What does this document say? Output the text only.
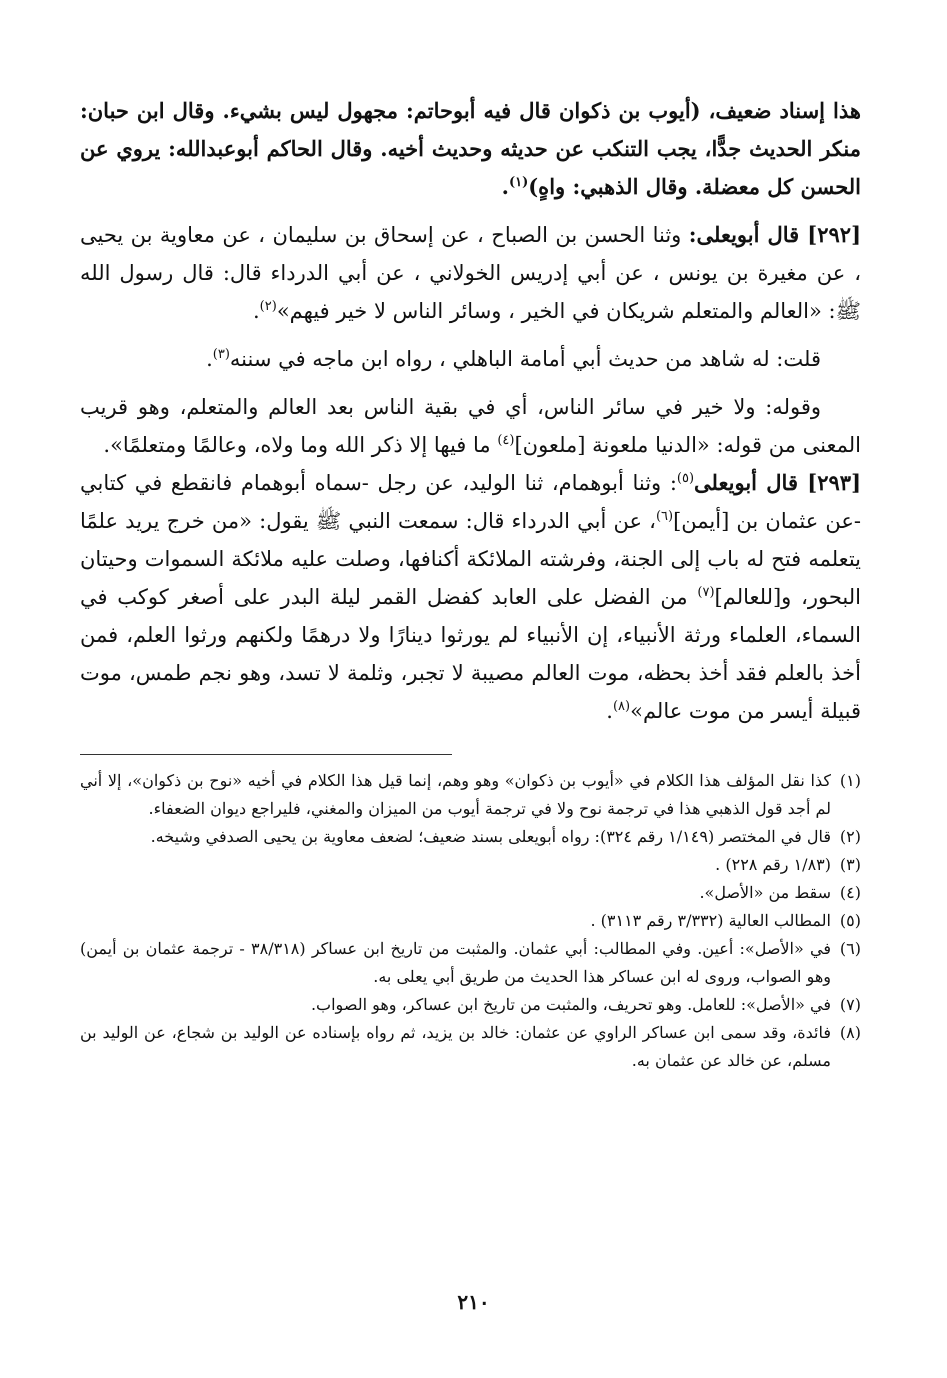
هذا إسناد ضعيف، (أيوب بن ذكوان قال فيه أبوحاتم: مجهول ليس بشيء. وقال ابن حبان: منكر الحديث جدًّا، يجب التنكب عن حديثه وحديث أخيه. وقال الحاكم أبوعبدالله: يروي عن الحسن كل معضلة. وقال الذهبي: واهٍ)$^{(١)}$.

[٢٩٢] قال أبويعلى: وثنا الحسن بن الصباح ، عن إسحاق بن سليمان ، عن معاوية بن يحيى ، عن مغيرة بن يونس ، عن أبي إدريس الخولاني ، عن أبي الدرداء قال: قال رسول الله ﷺ: «العالم والمتعلم شريكان في الخير ، وسائر الناس لا خير فيهم»$^{(٢)}$.

قلت: له شاهد من حديث أبي أمامة الباهلي ، رواه ابن ماجه في سننه$^{(٣)}$.

وقوله: ولا خير في سائر الناس، أي في بقية الناس بعد العالم والمتعلم، وهو قريب المعنى من قوله: «الدنيا ملعونة [ملعون]$^{(٤)}$ ما فيها إلا ذكر الله وما ولاه، وعالمًا ومتعلمًا».

[٢٩٣] قال أبويعلى$^{(٥)}$: وثنا أبوهمام، ثنا الوليد، عن رجل -سماه أبوهمام فانقطع في كتابي -عن عثمان بن [أيمن]$^{(٦)}$، عن أبي الدرداء قال: سمعت النبي ﷺ يقول: «من خرج يريد علمًا يتعلمه فتح له باب إلى الجنة، وفرشته الملائكة أكنافها، وصلت عليه ملائكة السموات وحيتان البحور، و[للعالم]$^{(٧)}$ من الفضل على العابد كفضل القمر ليلة البدر على أصغر كوكب في السماء، العلماء ورثة الأنبياء، إن الأنبياء لم يورثوا دينارًا ولا درهمًا ولكنهم ورثوا العلم، فمن أخذ بالعلم فقد أخذ بحظه، موت العالم مصيبة لا تجبر، وثلمة لا تسد، وهو نجم طمس، موت قبيلة أيسر من موت عالم»$^{(٨)}$.

(١)
كذا نقل المؤلف هذا الكلام في «أيوب بن ذكوان» وهو وهم، إنما قيل هذا الكلام في أخيه «نوح بن ذكوان»، إلا أني لم أجد قول الذهبي هذا في ترجمة نوح ولا في ترجمة أيوب من الميزان والمغني، فليراجع ديوان الضعفاء.

(٢)
قال في المختصر (١/١٤٩ رقم ٣٢٤): رواه أبويعلى بسند ضعيف؛ لضعف معاوية بن يحيى الصدفي وشيخه.

(٣)
(١/٨٣ رقم ٢٢٨) .

(٤)
سقط من «الأصل».

(٥)
المطالب العالية (٣/٣٣٢ رقم ٣١١٣) .

(٦)
في «الأصل»: أعين. وفي المطالب: أبي عثمان. والمثبت من تاريخ ابن عساكر (٣٨/٣١٨ - ترجمة عثمان بن أيمن) وهو الصواب، وروى له ابن عساكر هذا الحديث من طريق أبي يعلى به.

(٧)
في «الأصل»: للعامل. وهو تحريف، والمثبت من تاريخ ابن عساكر، وهو الصواب.

(٨)
فائدة، وقد سمى ابن عساكر الراوي عن عثمان: خالد بن يزيد، ثم رواه بإسناده عن الوليد بن شجاع، عن الوليد بن مسلم، عن خالد عن عثمان به.

٢١٠
